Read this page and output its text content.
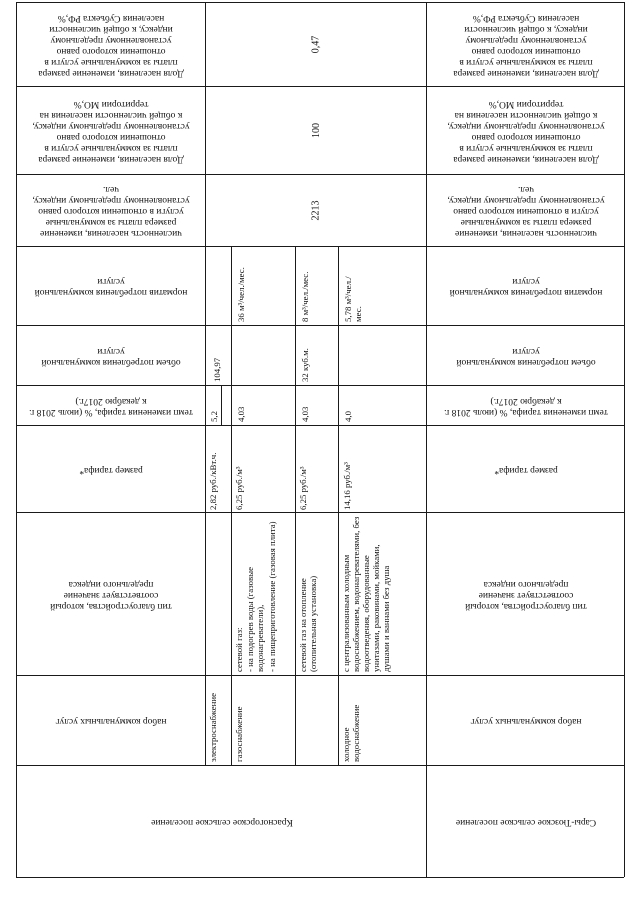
Доля населения, изменение размера платы за коммунальные услуги в отношении которого равно установленному предельному индексу, к общей численности населения Субъекта РФ,%
Доля населения, изменение размера платы за коммунальные услуги в отношении которого равно установленному предельному индексу, к общей численности населения на территории МО,%
численность населения, изменение размера платы за коммунальные услуги в отношении которого равно установленному предельному индексу, чел.
норматив потребления коммунальной услуги
объем потребления коммунальной услуги
темп изменения тарифа, % (июль 2018 г. к декабрю 2017г.)
размер тарифа*
тип благоустройства, который соответствует значение предельного индекса
набор коммунальных услуг
Сары-Тюзское сельское поселение
Доля населения, изменение размера платы за коммунальные услуги в отношении которого равно установленному предельному индексу, к общей численности населения Субъекта РФ,%
Доля населения, изменение размера платы за коммунальные услуги в отношении которого равно установленному предельному индексу, к общей численности населения на территории МО,%
численность населения, изменение размера платы за коммунальные услуги в отношении которого равно установленному предельному индексу, чел.
норматив потребления коммунальной услуги
объем потребления коммунальной услуги
темп изменения тарифа, % (июль 2018 г. к декабрю 2017г.)
размер тарифа*
тип благоустройства, который соответствует значение предельного индекса
набор коммунальных услуг
Красногорское сельское поселение
0,47
100
2213
104,97
5,2
2,82 руб./кВт.ч.
электроснабжение
36 м³/чел./мес.
4,03
6,25 руб./м³
сетевой газ: - на подогрев воды (газовые водонагреватели), - на пищеприготовление (газовая плита)
газоснабжение
8 м³/чел./мес.
32 куб.м.
4,03
6,25 руб./м³
сетевой газ на отопление (отопительная установка)
5,78 м³/чел./мес.
4,0
14,16 руб./м³
с централизованным холодным водоснабжением, водонагревателями, без водоотведения, оборудованные унитазами, раковинами, мойками, душами и ваннами без душа
холодное водоснабжение
